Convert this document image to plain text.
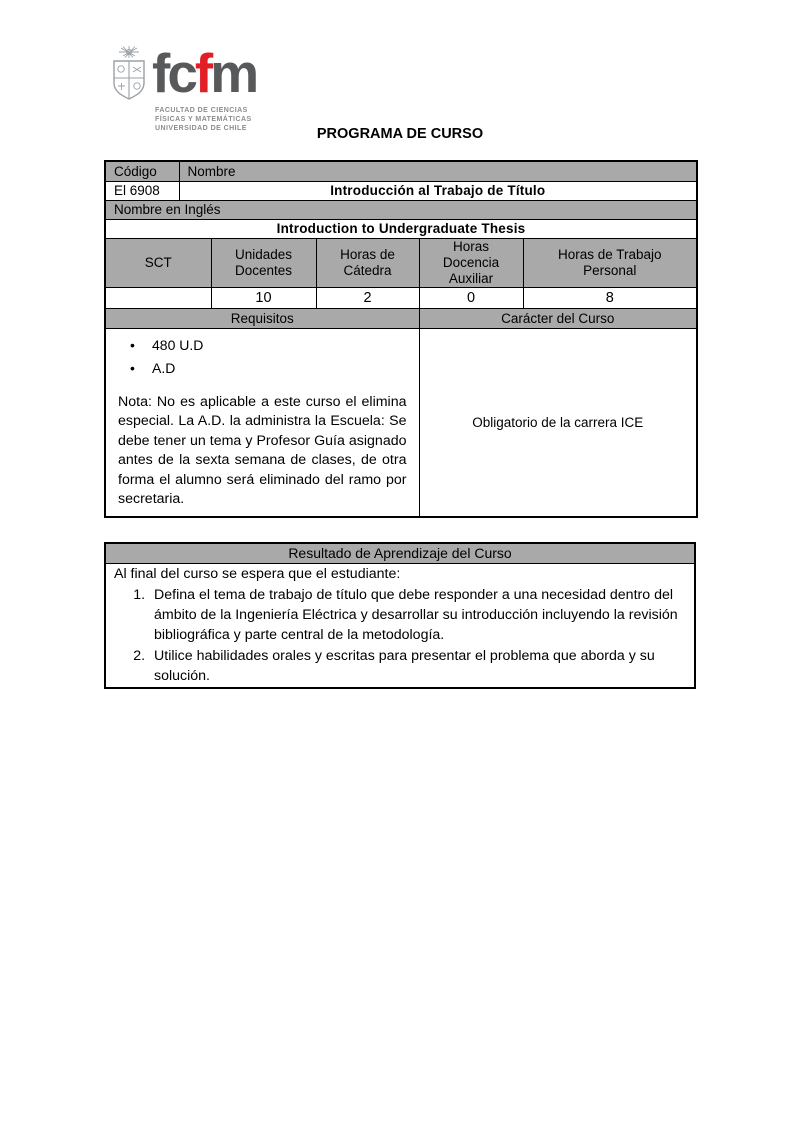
fcfm
FACULTAD DE CIENCIAS
FÍSICAS Y MATEMÁTICAS
UNIVERSIDAD DE CHILE	PROGRAMA DE CURSO
Código	Nombre				
El 6908	Introducción al Trabajo de Título				
Nombre en Inglés					
Introduction to Undergraduate Thesis					
SCT		Unidades Docentes	Horas de Cátedra	Horas Docencia Auxiliar	Horas de Trabajo Personal
		10	2	0	8
Requisitos				Carácter del Curso	

• 480 U.D
• A.D

Nota: No es aplicable a este curso el elimina especial. La A.D. la administra la Escuela: Se debe tener un tema y Profesor Guía asignado antes de la sexta semana de clases, de otra forma el alumno será eliminado del ramo por secretaria.

	Obligatorio de la carrera ICE
Resultado de Aprendizaje del Curso

Al final del curso se espera que el estudiante:
1. Defina el tema de trabajo de título que debe responder a una necesidad dentro del ámbito de la Ingeniería Eléctrica y desarrollar su introducción incluyendo la revisión bibliográfica y parte central de la metodología.
2. Utilice habilidades orales y escritas para presentar el problema que aborda y su solución.
